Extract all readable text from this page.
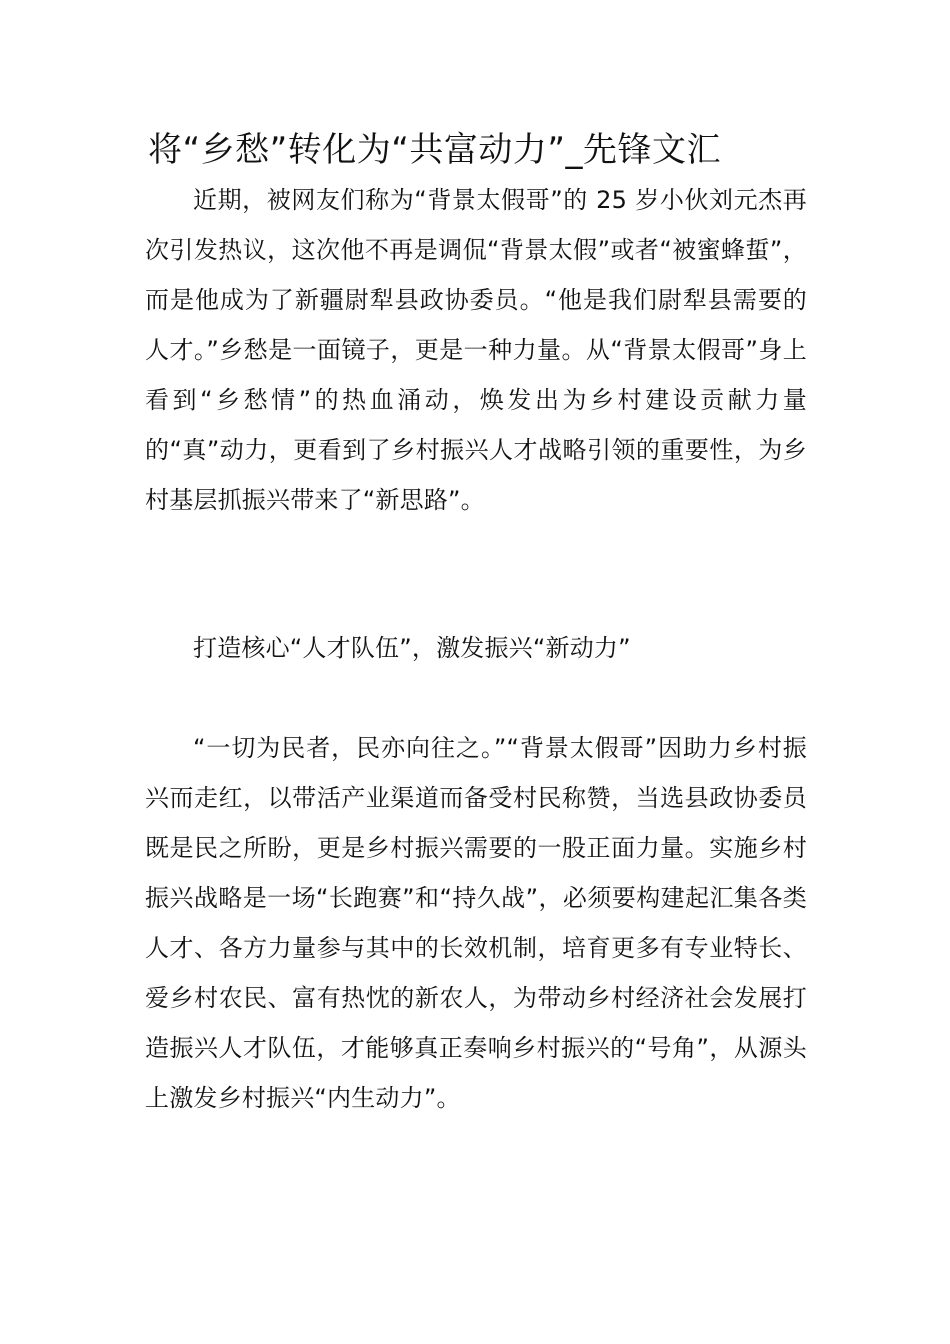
将“乡愁”转化为“共富动力”_先锋文汇

近期，被网友们称为“背景太假哥”的 25 岁小伙刘元杰再次引发热议，这次他不再是调侃“背景太假”或者“被蜜蜂蜇”，而是他成为了新疆尉犁县政协委员。“他是我们尉犁县需要的人才。”乡愁是一面镜子，更是一种力量。从“背景太假哥”身上看到“乡愁情”的热血涌动，焕发出为乡村建设贡献力量的“真”动力，更看到了乡村振兴人才战略引领的重要性，为乡村基层抓振兴带来了“新思路”。

打造核心“人才队伍”，激发振兴“新动力”

“一切为民者，民亦向往之。”“背景太假哥”因助力乡村振兴而走红，以带活产业渠道而备受村民称赞，当选县政协委员既是民之所盼，更是乡村振兴需要的一股正面力量。实施乡村振兴战略是一场“长跑赛”和“持久战”，必须要构建起汇集各类人才、各方力量参与其中的长效机制，培育更多有专业特长、爱乡村农民、富有热忱的新农人，为带动乡村经济社会发展打造振兴人才队伍，才能够真正奏响乡村振兴的“号角”，从源头上激发乡村振兴“内生动力”。
